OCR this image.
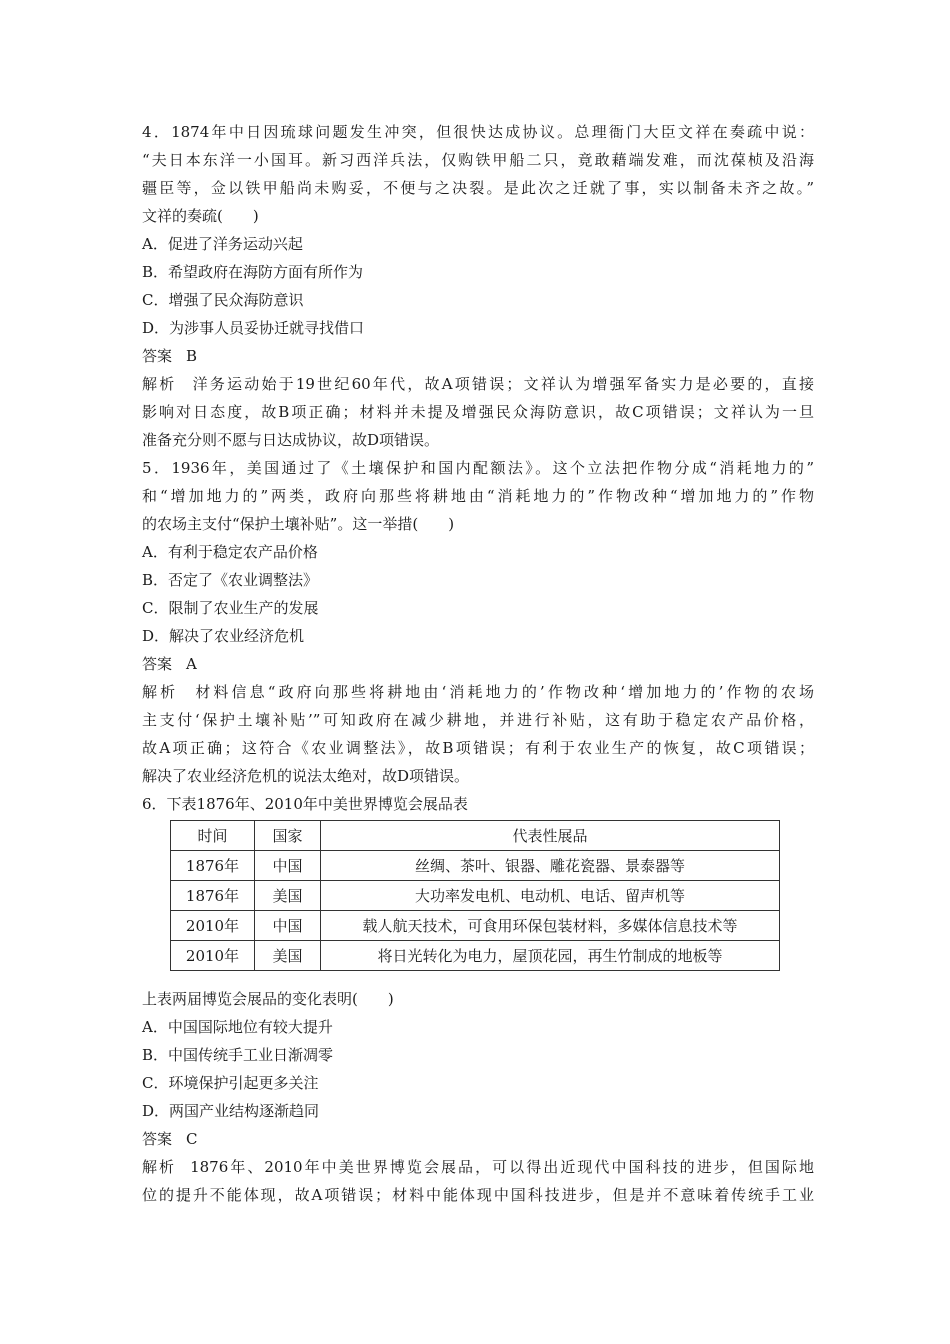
4．1874年中日因琉球问题发生冲突，但很快达成协议。总理衙门大臣文祥在奏疏中说：

“夫日本东洋一小国耳。新习西洋兵法，仅购铁甲船二只，竟敢藉端发难，而沈葆桢及沿海

疆臣等，佥以铁甲船尚未购妥，不便与之决裂。是此次之迁就了事，实以制备未齐之故。”

文祥的奏疏(　　)

A．促进了洋务运动兴起

B．希望政府在海防方面有所作为

C．增强了民众海防意识

D．为涉事人员妥协迁就寻找借口

答案 B

解析 洋务运动始于19世纪60年代，故A项错误；文祥认为增强军备实力是必要的，直接

影响对日态度，故B项正确；材料并未提及增强民众海防意识，故C项错误；文祥认为一旦

准备充分则不愿与日达成协议，故D项错误。

5．1936年，美国通过了《土壤保护和国内配额法》。这个立法把作物分成“消耗地力的”

和“增加地力的”两类，政府向那些将耕地由“消耗地力的”作物改种“增加地力的”作物

的农场主支付“保护土壤补贴”。这一举措(　　)

A．有利于稳定农产品价格

B．否定了《农业调整法》

C．限制了农业生产的发展

D．解决了农业经济危机

答案 A

解析 材料信息“政府向那些将耕地由‘消耗地力的’作物改种‘增加地力的’作物的农场

主支付‘保护土壤补贴’”可知政府在减少耕地，并进行补贴，这有助于稳定农产品价格，

故A项正确；这符合《农业调整法》，故B项错误；有利于农业生产的恢复，故C项错误；

解决了农业经济危机的说法太绝对，故D项错误。

6．下表1876年、2010年中美世界博览会展品表

时间	国家	代表性展品
1876年	中国	丝绸、茶叶、银器、雕花瓷器、景泰器等
1876年	美国	大功率发电机、电动机、电话、留声机等
2010年	中国	载人航天技术，可食用环保包装材料，多媒体信息技术等
2010年	美国	将日光转化为电力，屋顶花园，再生竹制成的地板等

上表两届博览会展品的变化表明(　　)

A．中国国际地位有较大提升

B．中国传统手工业日渐凋零

C．环境保护引起更多关注

D．两国产业结构逐渐趋同

答案 C

解析 1876年、2010年中美世界博览会展品，可以得出近现代中国科技的进步，但国际地

位的提升不能体现，故A项错误；材料中能体现中国科技进步，但是并不意味着传统手工业
